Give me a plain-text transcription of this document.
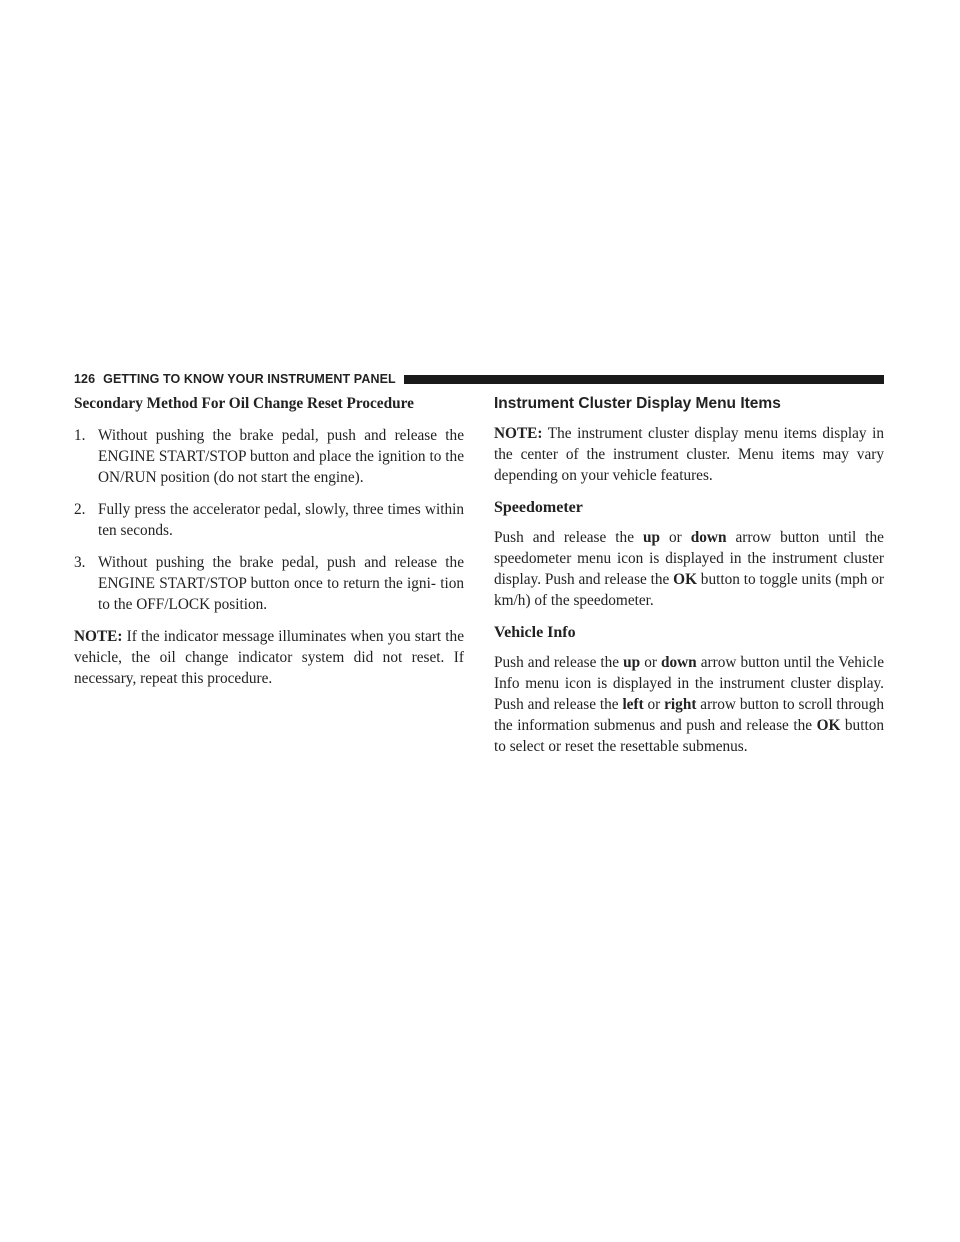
126 GETTING TO KNOW YOUR INSTRUMENT PANEL
Secondary Method For Oil Change Reset Procedure
1. Without pushing the brake pedal, push and release the ENGINE START/STOP button and place the ignition to the ON/RUN position (do not start the engine).
2. Fully press the accelerator pedal, slowly, three times within ten seconds.
3. Without pushing the brake pedal, push and release the ENGINE START/STOP button once to return the igni- tion to the OFF/LOCK position.

NOTE: If the indicator message illuminates when you start the vehicle, the oil change indicator system did not reset. If necessary, repeat this procedure.

Instrument Cluster Display Menu Items

NOTE: The instrument cluster display menu items display in the center of the instrument cluster. Menu items may vary depending on your vehicle features.

Speedometer

Push and release the up or down arrow button until the speedometer menu icon is displayed in the instrument cluster display. Push and release the OK button to toggle units (mph or km/h) of the speedometer.

Vehicle Info

Push and release the up or down arrow button until the Vehicle Info menu icon is displayed in the instrument cluster display. Push and release the left or right arrow button to scroll through the information submenus and push and release the OK button to select or reset the resettable submenus.
